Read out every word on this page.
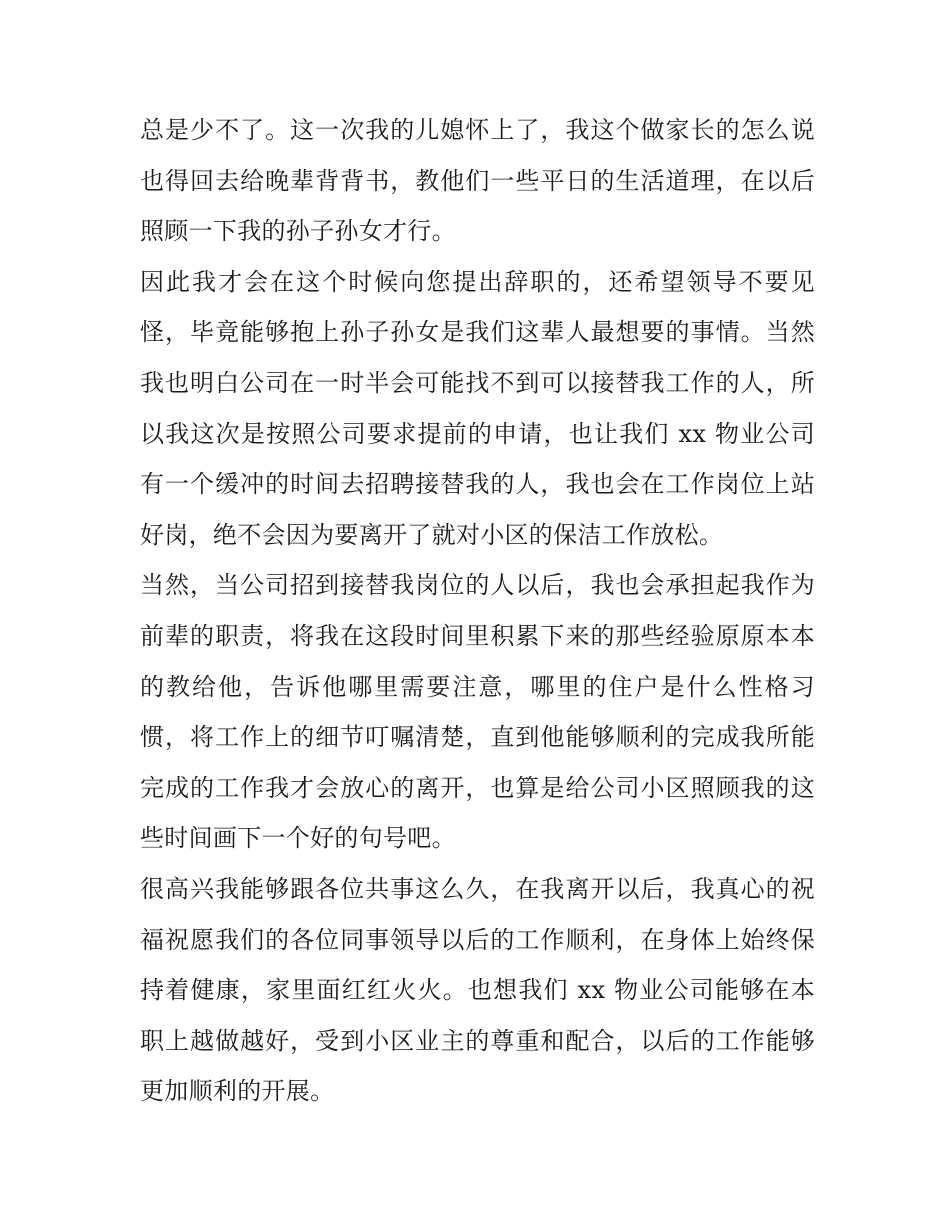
总是少不了。这一次我的儿媳怀上了，我这个做家长的怎么说
也得回去给晚辈背背书，教他们一些平日的生活道理，在以后
照顾一下我的孙子孙女才行。
因此我才会在这个时候向您提出辞职的，还希望领导不要见
怪，毕竟能够抱上孙子孙女是我们这辈人最想要的事情。当然
我也明白公司在一时半会可能找不到可以接替我工作的人，所
以我这次是按照公司要求提前的申请，也让我们 xx 物业公司
有一个缓冲的时间去招聘接替我的人，我也会在工作岗位上站
好岗，绝不会因为要离开了就对小区的保洁工作放松。
当然，当公司招到接替我岗位的人以后，我也会承担起我作为
前辈的职责，将我在这段时间里积累下来的那些经验原原本本
的教给他，告诉他哪里需要注意，哪里的住户是什么性格习
惯，将工作上的细节叮嘱清楚，直到他能够顺利的完成我所能
完成的工作我才会放心的离开，也算是给公司小区照顾我的这
些时间画下一个好的句号吧。
很高兴我能够跟各位共事这么久，在我离开以后，我真心的祝
福祝愿我们的各位同事领导以后的工作顺利，在身体上始终保
持着健康，家里面红红火火。也想我们 xx 物业公司能够在本
职上越做越好，受到小区业主的尊重和配合，以后的工作能够
更加顺利的开展。
